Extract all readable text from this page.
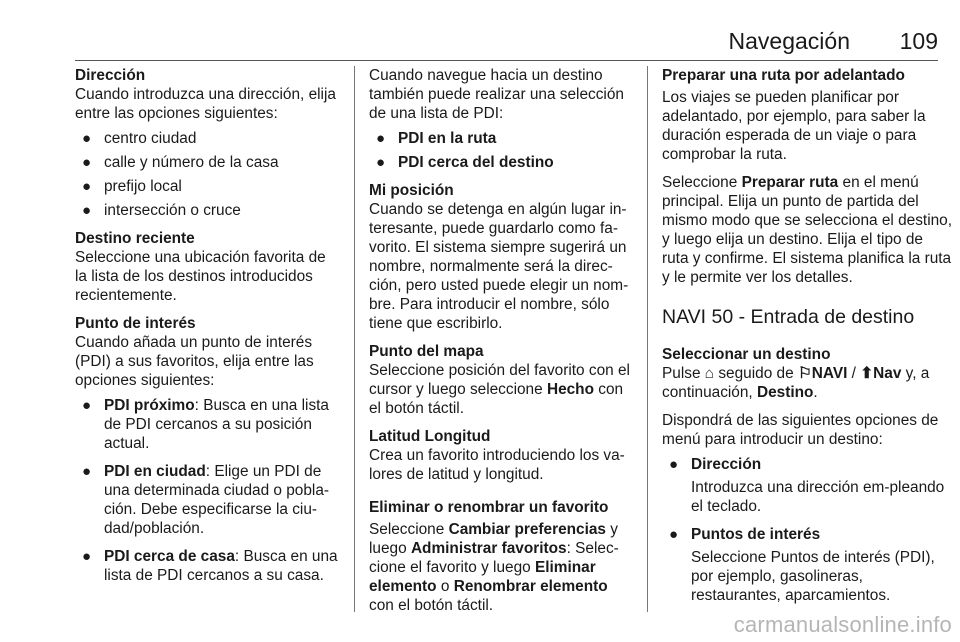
Navegación	109
Dirección
Cuando introduzca una dirección, elija entre las opciones siguientes:
● centro ciudad
● calle y número de la casa
● prefijo local
● intersección o cruce
Destino reciente
Seleccione una ubicación favorita de la lista de los destinos introducidos recientemente.
Punto de interés
Cuando añada un punto de interés (PDI) a sus favoritos, elija entre las opciones siguientes:
● PDI próximo: Busca en una lista de PDI cercanos a su posición actual.
● PDI en ciudad: Elige un PDI de una determinada ciudad o pobla-ción. Debe especificarse la ciu-dad/población.
● PDI cerca de casa: Busca en una lista de PDI cercanos a su casa.
Cuando navegue hacia un destino también puede realizar una selección de una lista de PDI:
● PDI en la ruta
● PDI cerca del destino
Mi posición
Cuando se detenga en algún lugar in-teresante, puede guardarlo como fa-vorito. El sistema siempre sugerirá un nombre, normalmente será la direc-ción, pero usted puede elegir un nom-bre. Para introducir el nombre, sólo tiene que escribirlo.
Punto del mapa
Seleccione posición del favorito con el cursor y luego seleccione Hecho con el botón táctil.
Latitud Longitud
Crea un favorito introduciendo los va-lores de latitud y longitud.
Eliminar o renombrar un favorito
Seleccione Cambiar preferencias y luego Administrar favoritos: Selec-cione el favorito y luego Eliminar elemento o Renombrar elemento con el botón táctil.
Preparar una ruta por adelantado
Los viajes se pueden planificar por adelantado, por ejemplo, para saber la duración esperada de un viaje o para comprobar la ruta.
Seleccione Preparar ruta en el menú principal. Elija un punto de partida del mismo modo que se selecciona el destino, y luego elija un destino. Elija el tipo de ruta y confirme. El sistema planifica la ruta y le permite ver los detalles.
NAVI 50 - Entrada de destino
Seleccionar un destino
Pulse ⌂ seguido de ⚐NAVI / ⬆Nav y, a continuación, Destino.
Dispondrá de las siguientes opciones de menú para introducir un destino:
● Dirección
Introduzca una dirección em-pleando el teclado.
● Puntos de interés
Seleccione Puntos de interés (PDI), por ejemplo, gasolineras, restaurantes, aparcamientos.
carmanualsonline.info
